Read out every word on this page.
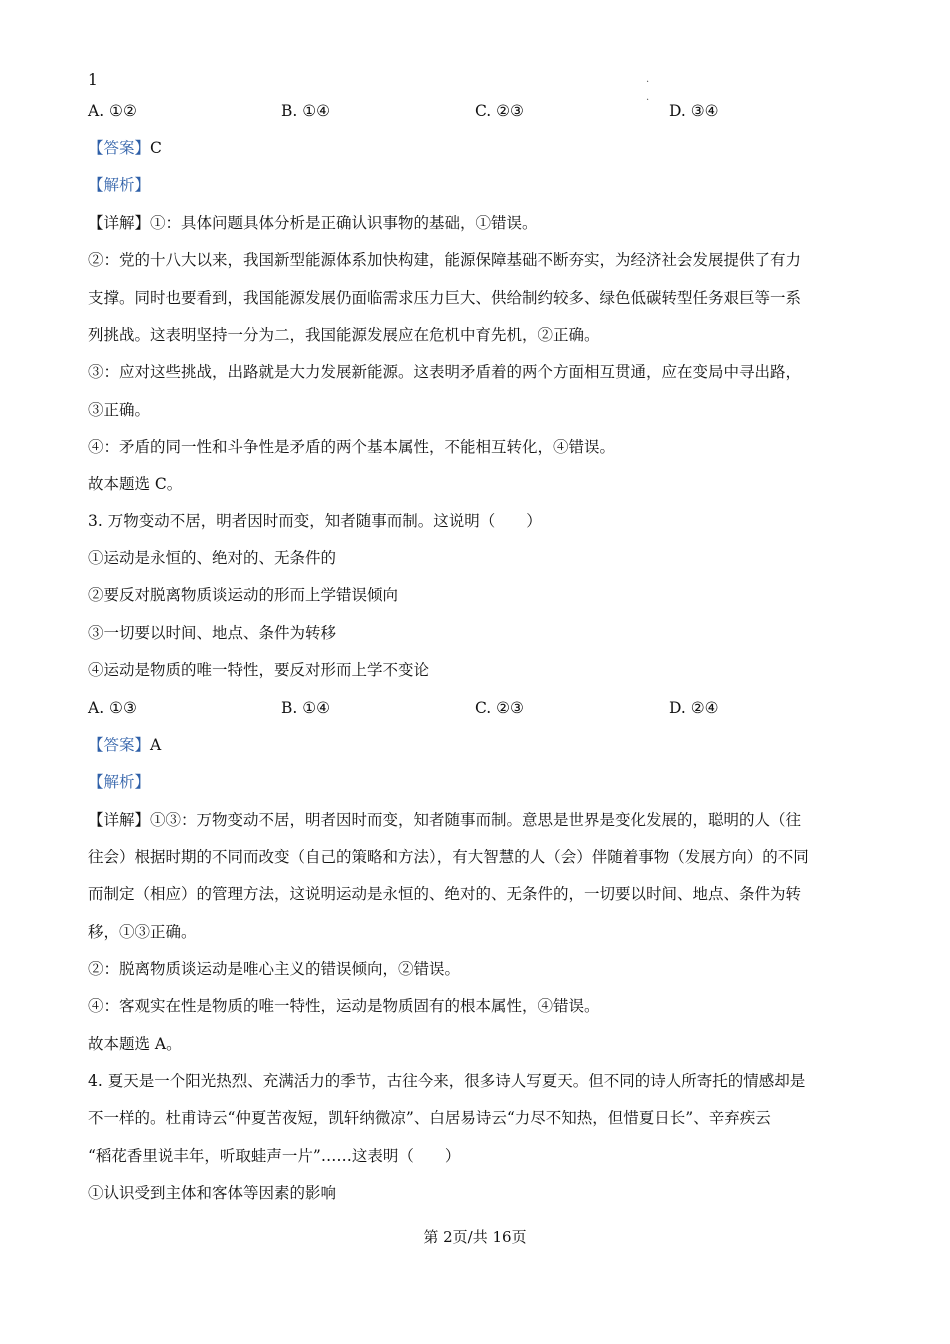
1	.
.
A. ①②	B. ①④	C. ②③	D. ③④
【答案】C
【解析】
【详解】①：具体问题具体分析是正确认识事物的基础，①错误。
②：党的十八大以来，我国新型能源体系加快构建，能源保障基础不断夯实，为经济社会发展提供了有力
支撑。同时也要看到，我国能源发展仍面临需求压力巨大、供给制约较多、绿色低碳转型任务艰巨等一系
列挑战。这表明坚持一分为二，我国能源发展应在危机中育先机，②正确。
③：应对这些挑战，出路就是大力发展新能源。这表明矛盾着的两个方面相互贯通，应在变局中寻出路，
③正确。
④：矛盾的同一性和斗争性是矛盾的两个基本属性，不能相互转化，④错误。
故本题选 C。
3. 万物变动不居，明者因时而变，知者随事而制。这说明（　　）
①运动是永恒的、绝对的、无条件的
②要反对脱离物质谈运动的形而上学错误倾向
③一切要以时间、地点、条件为转移
④运动是物质的唯一特性，要反对形而上学不变论
A. ①③	B. ①④	C. ②③	D. ②④
【答案】A
【解析】
【详解】①③：万物变动不居，明者因时而变，知者随事而制。意思是世界是变化发展的，聪明的人（往
往会）根据时期的不同而改变（自己的策略和方法），有大智慧的人（会）伴随着事物（发展方向）的不同
而制定（相应）的管理方法，这说明运动是永恒的、绝对的、无条件的，一切要以时间、地点、条件为转
移，①③正确。
②：脱离物质谈运动是唯心主义的错误倾向，②错误。
④：客观实在性是物质的唯一特性，运动是物质固有的根本属性，④错误。
故本题选 A。
4. 夏天是一个阳光热烈、充满活力的季节，古往今来，很多诗人写夏天。但不同的诗人所寄托的情感却是
不一样的。杜甫诗云“仲夏苦夜短，凯轩纳微凉”、白居易诗云“力尽不知热，但惜夏日长”、辛弃疾云
“稻花香里说丰年，听取蛙声一片”……这表明（　　）
①认识受到主体和客体等因素的影响
第 2页/共 16页
